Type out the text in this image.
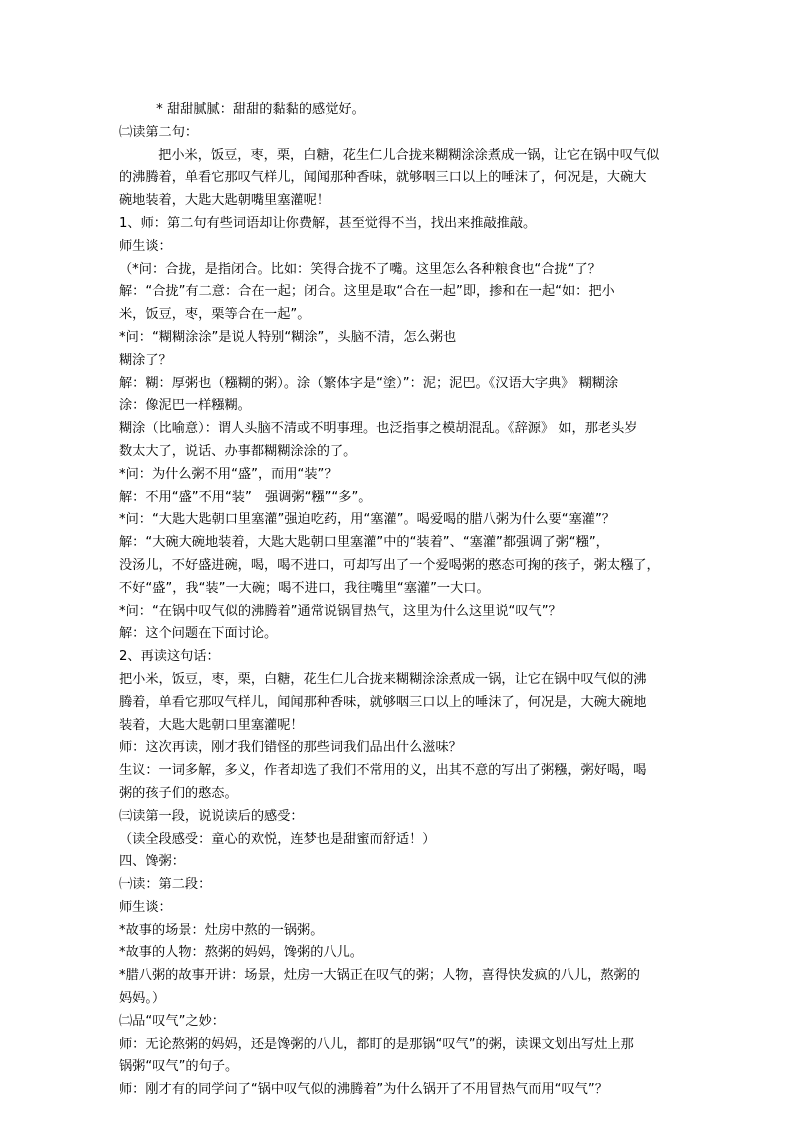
　* 甜甜腻腻：甜甜的黏黏的感觉好。
㈡读第二句：
　把小米，饭豆，枣，栗，白糖，花生仁儿合拢来糊糊涂涂煮成一锅，让它在锅中叹气似
的沸腾着，单看它那叹气样儿，闻闻那种香味，就够咽三口以上的唾沫了，何况是，大碗大
碗地装着，大匙大匙朝嘴里塞灌呢！
1、师：第二句有些词语却让你费解，甚至觉得不当，找出来推敲推敲。
师生谈：
（*问：合拢，是指闭合。比如：笑得合拢不了嘴。这里怎么各种粮食也“合拢“了？
解：“合拢”有二意：合在一起；闭合。这里是取“合在一起”即，掺和在一起“如：把小
米，饭豆，枣，栗等合在一起”。
*问：“糊糊涂涂”是说人特别“糊涂”，头脑不清，怎么粥也
糊涂了？
解：糊：厚粥也（糨糊的粥）。涂（繁体字是“塗）”：泥；泥巴。《汉语大字典》 糊糊涂
涂：像泥巴一样糨糊。
糊涂（比喻意）：谓人头脑不清或不明事理。也泛指事之模胡混乱。《辞源》 如，那老头岁
数太大了，说话、办事都糊糊涂涂的了。
*问：为什么粥不用“盛”，而用“装”？
解：不用“盛”不用“装”　强调粥“糨”“多”。
*问：“大匙大匙朝口里塞灌”强迫吃药，用“塞灌”。喝爱喝的腊八粥为什么要“塞灌”？
解：“大碗大碗地装着，大匙大匙朝口里塞灌”中的“装着”、“塞灌”都强调了粥“糨”，
没汤儿，不好盛进碗，喝，喝不进口，可却写出了一个爱喝粥的憨态可掬的孩子，粥太糨了，
不好“盛”，我“装”一大碗；喝不进口，我往嘴里“塞灌”一大口。
*问：“在锅中叹气似的沸腾着”通常说锅冒热气，这里为什么这里说“叹气”？
解：这个问题在下面讨论。
2、再读这句话：
把小米，饭豆，枣，栗，白糖，花生仁儿合拢来糊糊涂涂煮成一锅，让它在锅中叹气似的沸
腾着，单看它那叹气样儿，闻闻那种香味，就够咽三口以上的唾沫了，何况是，大碗大碗地
装着，大匙大匙朝口里塞灌呢！
师：这次再读，刚才我们错怪的那些词我们品出什么滋味？
生议：一词多解，多义，作者却选了我们不常用的义，出其不意的写出了粥糨，粥好喝，喝
粥的孩子们的憨态。
㈢读第一段，说说读后的感受：
（读全段感受：童心的欢悦，连梦也是甜蜜而舒适！）
四、馋粥：
㈠读：第二段：
师生谈：
*故事的场景：灶房中熬的一锅粥。
*故事的人物：熬粥的妈妈，馋粥的八儿。
*腊八粥的故事开讲：场景，灶房一大锅正在叹气的粥；人物，喜得快发疯的八儿，熬粥的
妈妈。）
㈡品“叹气”之妙：
师：无论熬粥的妈妈，还是馋粥的八儿，都盯的是那锅“叹气”的粥，读课文划出写灶上那
锅粥“叹气”的句子。
师：刚才有的同学问了“锅中叹气似的沸腾着”为什么锅开了不用冒热气而用“叹气”？
